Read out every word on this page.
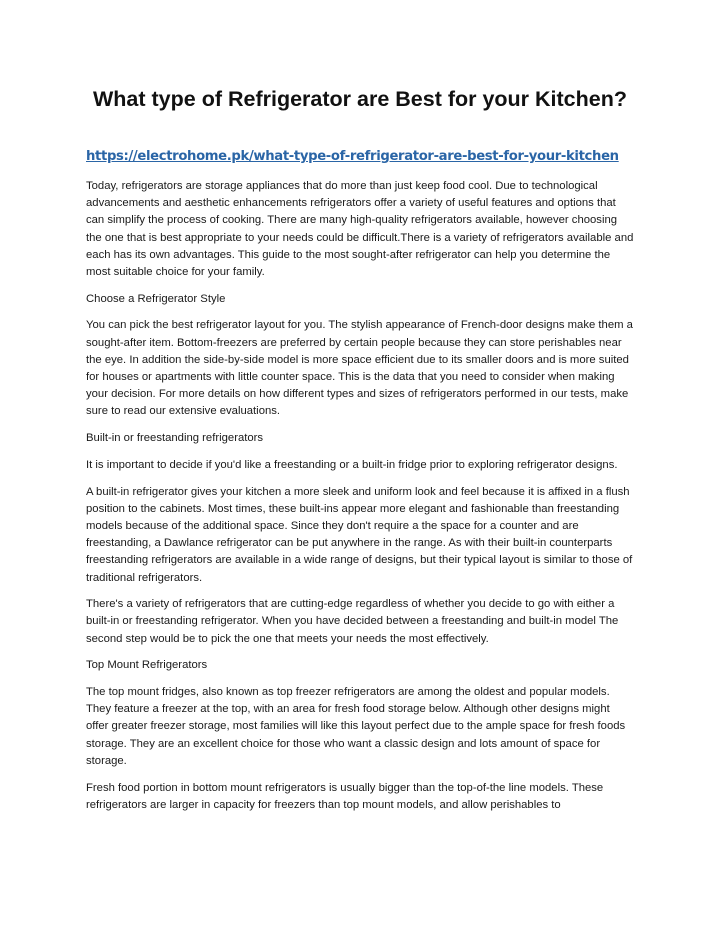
What type of Refrigerator are Best for your Kitchen?
https://electrohome.pk/what-type-of-refrigerator-are-best-for-your-kitchen

Today, refrigerators are storage appliances that do more than just keep food cool. Due to technological advancements and aesthetic enhancements refrigerators offer a variety of useful features and options that can simplify the process of cooking. There are many high-quality refrigerators available, however choosing the one that is best appropriate to your needs could be difficult.There is a variety of refrigerators available and each has its own advantages. This guide to the most sought-after refrigerator can help you determine the most suitable choice for your family.

Choose a Refrigerator Style

You can pick the best refrigerator layout for you. The stylish appearance of French-door designs make them a sought-after item. Bottom-freezers are preferred by certain people because they can store perishables near the eye. In addition the side-by-side model is more space efficient due to its smaller doors and is more suited for houses or apartments with little counter space. This is the data that you need to consider when making your decision. For more details on how different types and sizes of refrigerators performed in our tests, make sure to read our extensive evaluations.

Built-in or freestanding refrigerators

It is important to decide if you'd like a freestanding or a built-in fridge prior to exploring refrigerator designs.

A built-in refrigerator gives your kitchen a more sleek and uniform look and feel because it is affixed in a flush position to the cabinets. Most times, these built-ins appear more elegant and fashionable than freestanding models because of the additional space. Since they don't require a the space for a counter and are freestanding, a Dawlance refrigerator can be put anywhere in the range. As with their built-in counterparts freestanding refrigerators are available in a wide range of designs, but their typical layout is similar to those of traditional refrigerators.

There's a variety of refrigerators that are cutting-edge regardless of whether you decide to go with either a built-in or freestanding refrigerator. When you have decided between a freestanding and built-in model The second step would be to pick the one that meets your needs the most effectively.

Top Mount Refrigerators

The top mount fridges, also known as top freezer refrigerators are among the oldest and popular models. They feature a freezer at the top, with an area for fresh food storage below. Although other designs might offer greater freezer storage, most families will like this layout perfect due to the ample space for fresh foods storage. They are an excellent choice for those who want a classic design and lots amount of space for storage.

Fresh food portion in bottom mount refrigerators is usually bigger than the top-of-the line models. These refrigerators are larger in capacity for freezers than top mount models, and allow perishables to
